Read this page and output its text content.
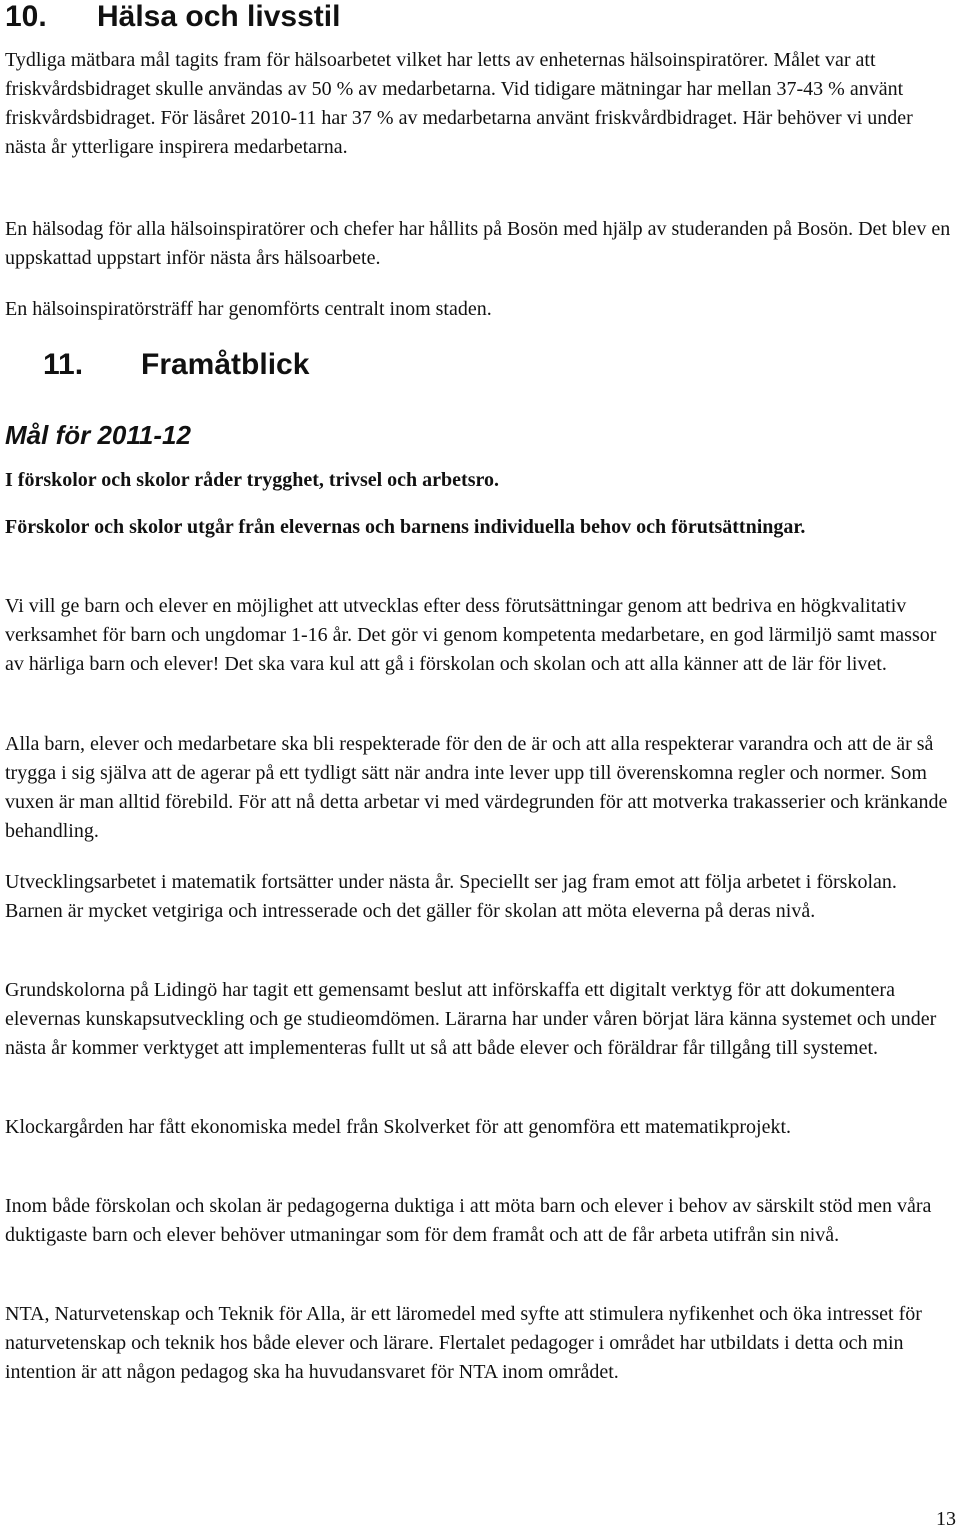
10. Hälsa och livsstil

Tydliga mätbara mål tagits fram för hälsoarbetet vilket har letts av enheternas hälsoinspiratörer. Målet var att friskvårdsbidraget skulle användas av 50 % av medarbetarna. Vid tidigare mätningar har mellan 37-43 % använt friskvårdsbidraget. För läsåret 2010-11 har 37 % av medarbetarna använt friskvårdbidraget. Här behöver vi under nästa år ytterligare inspirera medarbetarna.

En hälsodag för alla hälsoinspiratörer och chefer har hållits på Bosön med hjälp av studeranden på Bosön. Det blev en uppskattad uppstart inför nästa års hälsoarbete.

En hälsoinspiratörsträff har genomförts centralt inom staden.

11. Framåtblick
Mål för 2011-12

I förskolor och skolor råder trygghet, trivsel och arbetsro.

Förskolor och skolor utgår från elevernas och barnens individuella behov och förutsättningar.

Vi vill ge barn och elever en möjlighet att utvecklas efter dess förutsättningar genom att bedriva en högkvalitativ verksamhet för barn och ungdomar 1-16 år. Det gör vi genom kompetenta medarbetare, en god lärmiljö samt massor av härliga barn och elever! Det ska vara kul att gå i förskolan och skolan och att alla känner att de lär för livet.

Alla barn, elever och medarbetare ska bli respekterade för den de är och att alla respekterar varandra och att de är så trygga i sig själva att de agerar på ett tydligt sätt när andra inte lever upp till överenskomna regler och normer. Som vuxen är man alltid förebild. För att nå detta arbetar vi med värdegrunden för att motverka trakasserier och kränkande behandling.

Utvecklingsarbetet i matematik fortsätter under nästa år. Speciellt ser jag fram emot att följa arbetet i förskolan. Barnen är mycket vetgiriga och intresserade och det gäller för skolan att möta eleverna på deras nivå.

Grundskolorna på Lidingö har tagit ett gemensamt beslut att införskaffa ett digitalt verktyg för att dokumentera elevernas kunskapsutveckling och ge studieomdömen. Lärarna har under våren börjat lära känna systemet och under nästa år kommer verktyget att implementeras fullt ut så att både elever och föräldrar får tillgång till systemet.

Klockargården har fått ekonomiska medel från Skolverket för att genomföra ett matematikprojekt.

Inom både förskolan och skolan är pedagogerna duktiga i att möta barn och elever i behov av särskilt stöd men våra duktigaste barn och elever behöver utmaningar som för dem framåt och att de får arbeta utifrån sin nivå.

NTA, Naturvetenskap och Teknik för Alla, är ett läromedel med syfte att stimulera nyfikenhet och öka intresset för naturvetenskap och teknik hos både elever och lärare. Flertalet pedagoger i området har utbildats i detta och min intention är att någon pedagog ska ha huvudansvaret för NTA inom området.

13
